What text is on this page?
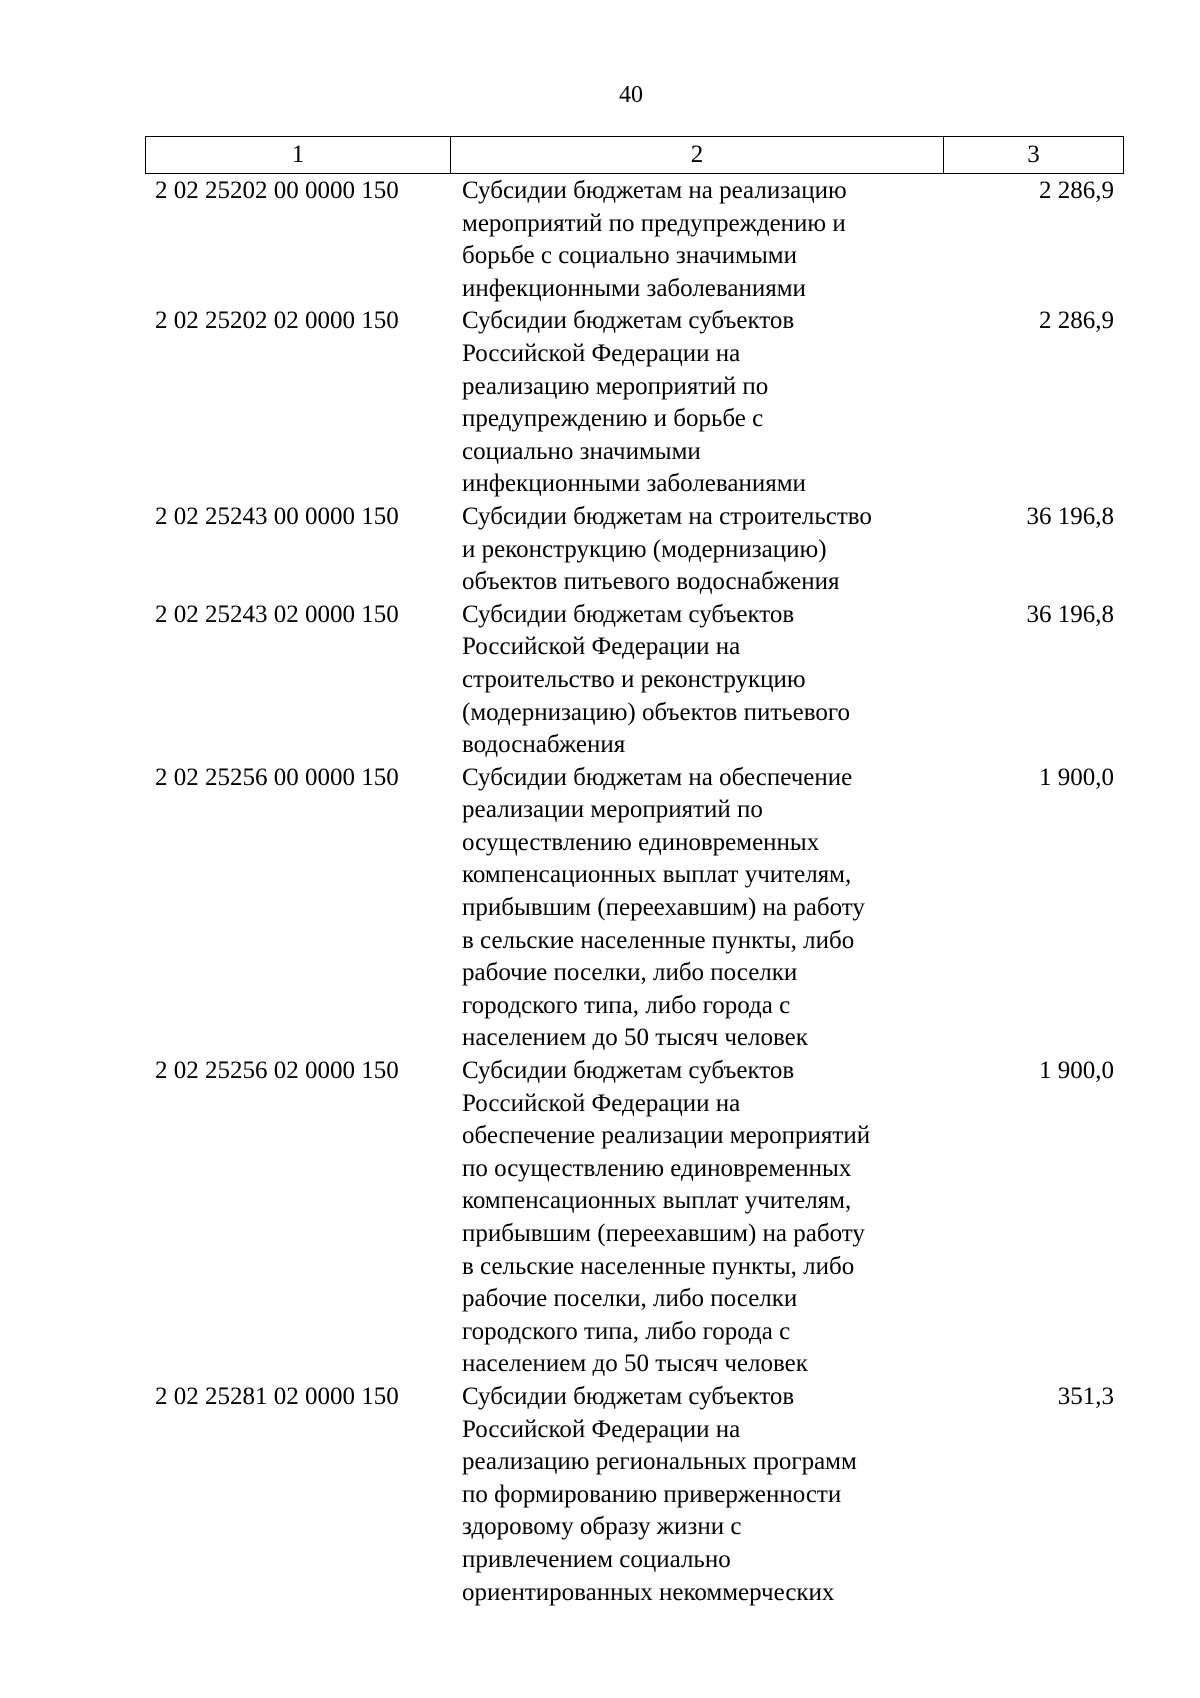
40
1	2	3
2 02 25202 00 0000 150	Субсидии бюджетам на реализацию
мероприятий по предупреждению и
борьбе с социально значимыми
инфекционными заболеваниями
2 286,9
2 02 25202 02 0000 150	Субсидии бюджетам субъектов
Российской Федерации на
реализацию мероприятий по
предупреждению и борьбе с
социально значимыми
инфекционными заболеваниями
2 286,9
2 02 25243 00 0000 150	Субсидии бюджетам на строительство
и реконструкцию (модернизацию)
объектов питьевого водоснабжения
36 196,8
2 02 25243 02 0000 150	Субсидии бюджетам субъектов
Российской Федерации на
строительство и реконструкцию
(модернизацию) объектов питьевого
водоснабжения
36 196,8
2 02 25256 00 0000 150	Субсидии бюджетам на обеспечение
реализации мероприятий по
осуществлению единовременных
компенсационных выплат учителям,
прибывшим (переехавшим) на работу
в сельские населенные пункты, либо
рабочие поселки, либо поселки
городского типа, либо города с
населением до 50 тысяч человек
1 900,0
2 02 25256 02 0000 150	Субсидии бюджетам субъектов
Российской Федерации на
обеспечение реализации мероприятий
по осуществлению единовременных
компенсационных выплат учителям,
прибывшим (переехавшим) на работу
в сельские населенные пункты, либо
рабочие поселки, либо поселки
городского типа, либо города с
населением до 50 тысяч человек
1 900,0
2 02 25281 02 0000 150	Субсидии бюджетам субъектов
Российской Федерации на
реализацию региональных программ
по формированию приверженности
здоровому образу жизни с
привлечением социально
ориентированных некоммерческих
351,3
